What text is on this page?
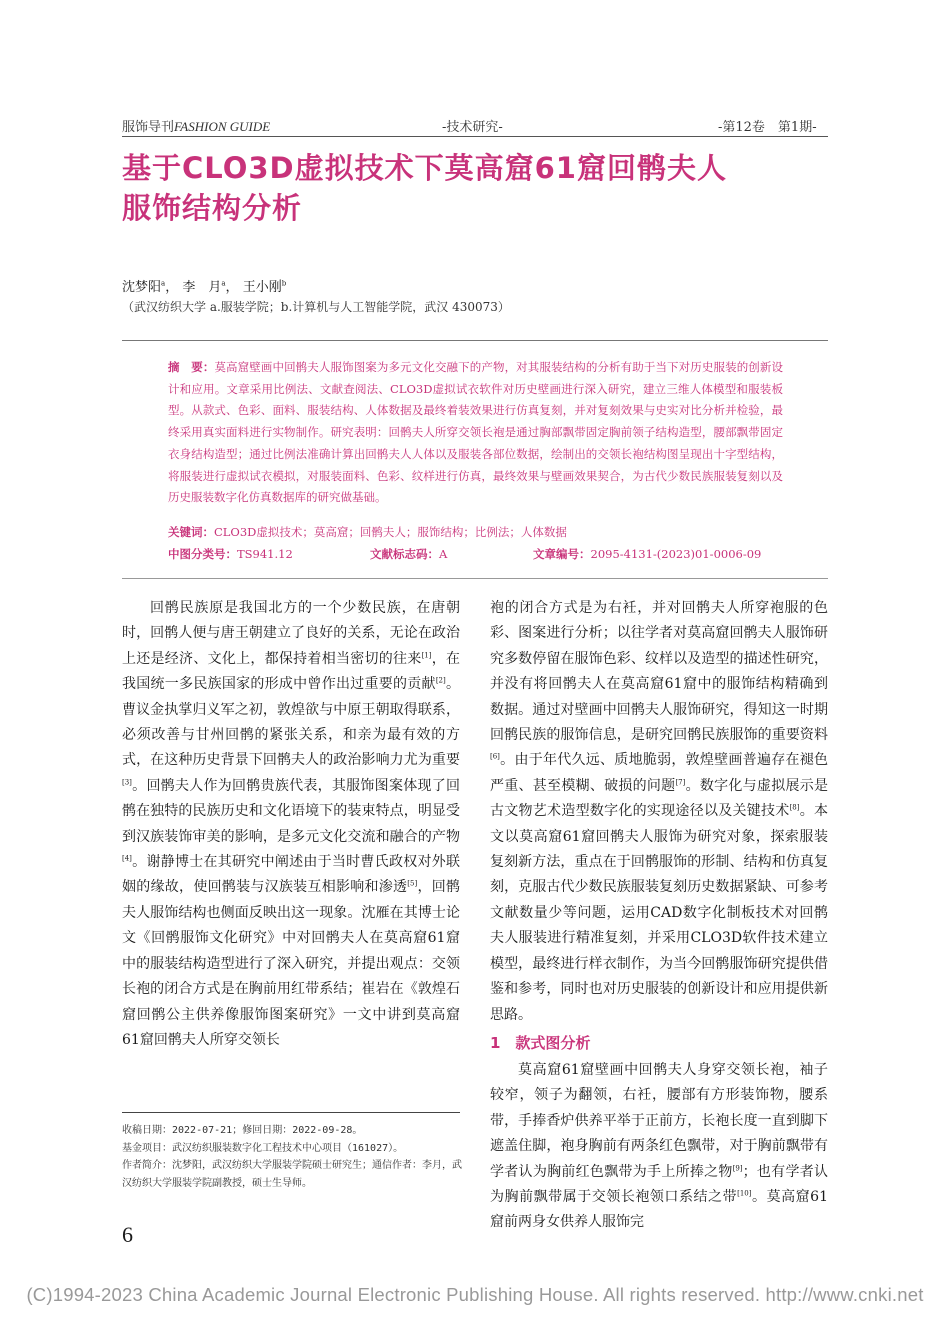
服饰导刊FASHION GUIDE	-技术研究-	-第12卷　第1期-
基于CLO3D虚拟技术下莫高窟61窟回鹘夫人
服饰结构分析
沈梦阳$^a$， 李　月$^a$， 王小刚$^b$
（武汉纺织大学 a.服装学院；b.计算机与人工智能学院，武汉 430073）
摘　要：莫高窟壁画中回鹘夫人服饰图案为多元文化交融下的产物，对其服装结构的分析有助于当下对历史服装的创新设计和应用。文章采用比例法、文献查阅法、CLO3D虚拟试衣软件对历史壁画进行深入研究，建立三维人体模型和服装板型。从款式、色彩、面料、服装结构、人体数据及最终着装效果进行仿真复刻，并对复刻效果与史实对比分析并检验，最终采用真实面料进行实物制作。研究表明：回鹘夫人所穿交领长袍是通过胸部飘带固定胸前领子结构造型，腰部飘带固定衣身结构造型；通过比例法准确计算出回鹘夫人人体以及服装各部位数据，绘制出的交领长袍结构图呈现出十字型结构，将服装进行虚拟试衣模拟，对服装面料、色彩、纹样进行仿真，最终效果与壁画效果契合，为古代少数民族服装复刻以及历史服装数字化仿真数据库的研究做基础。
关键词：CLO3D虚拟技术；莫高窟；回鹘夫人；服饰结构；比例法；人体数据
中图分类号：TS941.12	文献标志码：A	文章编号：2095-4131-(2023)01-0006-09

回鹘民族原是我国北方的一个少数民族，在唐朝时，回鹘人便与唐王朝建立了良好的关系，无论在政治上还是经济、文化上，都保持着相当密切的往来[1]，在我国统一多民族国家的形成中曾作出过重要的贡献[2]。曹议金执掌归义军之初，敦煌欲与中原王朝取得联系，必须改善与甘州回鹘的紧张关系，和亲为最有效的方式，在这种历史背景下回鹘夫人的政治影响力尤为重要[3]。回鹘夫人作为回鹘贵族代表，其服饰图案体现了回鹘在独特的民族历史和文化语境下的装束特点，明显受到汉族装饰审美的影响，是多元文化交流和融合的产物[4]。谢静博士在其研究中阐述由于当时曹氏政权对外联姻的缘故，使回鹘装与汉族装互相影响和渗透[5]，回鹘夫人服饰结构也侧面反映出这一现象。沈雁在其博士论文《回鹘服饰文化研究》中对回鹘夫人在莫高窟61窟中的服装结构造型进行了深入研究，并提出观点：交领长袍的闭合方式是在胸前用红带系结；崔岩在《敦煌石窟回鹘公主供养像服饰图案研究》一文中讲到莫高窟61窟回鹘夫人所穿交领长

袍的闭合方式是为右衽，并对回鹘夫人所穿袍服的色彩、图案进行分析；以往学者对莫高窟回鹘夫人服饰研究多数停留在服饰色彩、纹样以及造型的描述性研究，并没有将回鹘夫人在莫高窟61窟中的服饰结构精确到数据。通过对壁画中回鹘夫人服饰研究，得知这一时期回鹘民族的服饰信息，是研究回鹘民族服饰的重要资料[6]。由于年代久远、质地脆弱，敦煌壁画普遍存在褪色严重、甚至模糊、破损的问题[7]。数字化与虚拟展示是古文物艺术造型数字化的实现途径以及关键技术[8]。本文以莫高窟61窟回鹘夫人服饰为研究对象，探索服装复刻新方法，重点在于回鹘服饰的形制、结构和仿真复刻，克服古代少数民族服装复刻历史数据紧缺、可参考文献数量少等问题，运用CAD数字化制板技术对回鹘夫人服装进行精准复刻，并采用CLO3D软件技术建立模型，最终进行样衣制作，为当今回鹘服饰研究提供借鉴和参考，同时也对历史服装的创新设计和应用提供新思路。

1　款式图分析

莫高窟61窟壁画中回鹘夫人身穿交领长袍，袖子较窄，领子为翻领，右衽，腰部有方形装饰物，腰系带，手捧香炉供养平举于正前方，长袍长度一直到脚下遮盖住脚，袍身胸前有两条红色飘带，对于胸前飘带有学者认为胸前红色飘带为手上所捧之物[9]；也有学者认为胸前飘带属于交领长袍领口系结之带[10]。莫高窟61窟前两身女供养人服饰完

收稿日期：2022-07-21；修回日期：2022-09-28。
基金项目：武汉纺织服装数字化工程技术中心项目（161027）。
作者简介：沈梦阳，武汉纺织大学服装学院硕士研究生；通信作者：李月，武汉纺织大学服装学院副教授，硕士生导师。
6
(C)1994-2023 China Academic Journal Electronic Publishing House. All rights reserved. http://www.cnki.net
